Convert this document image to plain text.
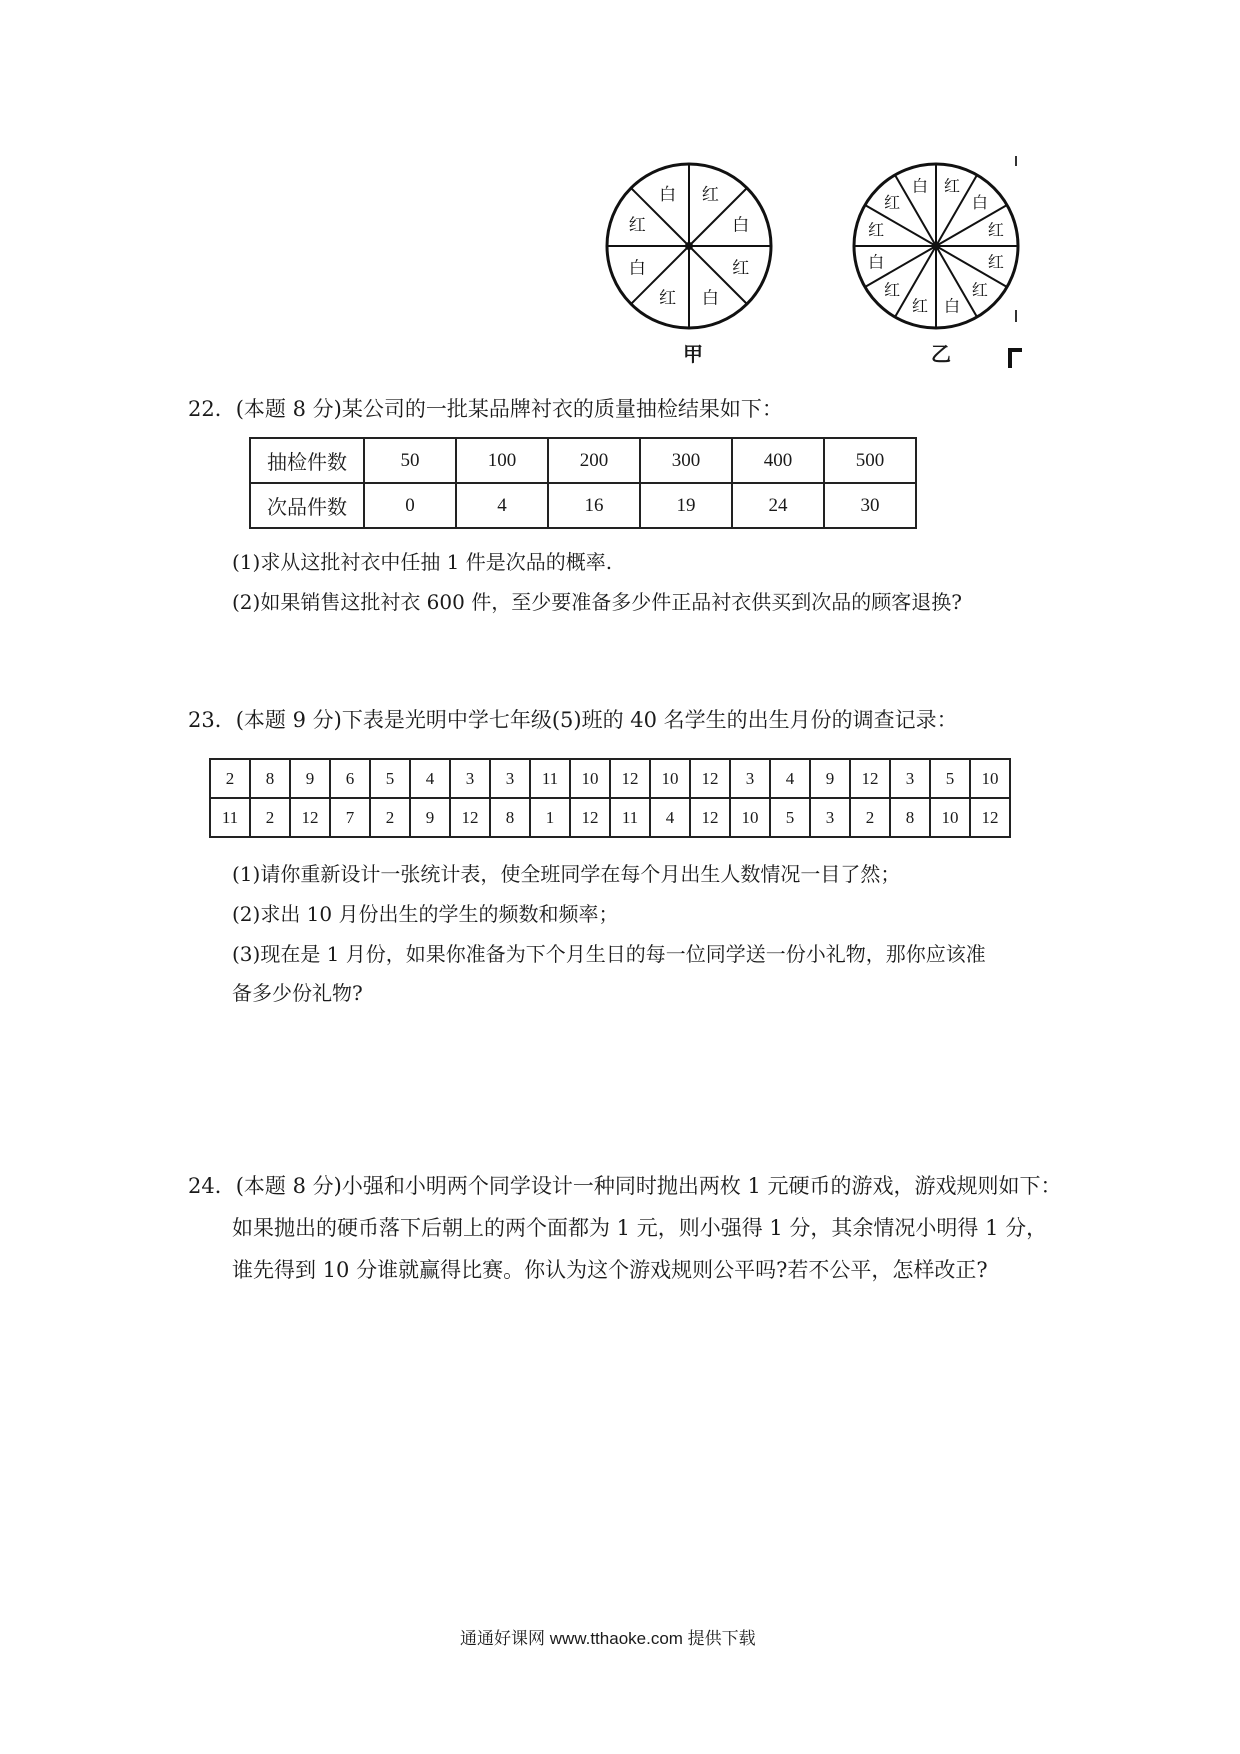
红
白
红
白
红
白
红
白	红
白
红
红
红
白
红
红
白
红
红
白
甲	乙
22．(本题 8 分)某公司的一批某品牌衬衣的质量抽检结果如下：
抽检件数	50	100	200	300	400	500
次品件数	0	4	16	19	24	30
(1)求从这批衬衣中任抽 1 件是次品的概率.
(2)如果销售这批衬衣 600 件，至少要准备多少件正品衬衣供买到次品的顾客退换?
23．(本题 9 分)下表是光明中学七年级(5)班的 40 名学生的出生月份的调查记录：
2	8	9	6	5	4	3	3	11	10	12	10	12	3	4	9	12	3	5	10
11	2	12	7	2	9	12	8	1	12	11	4	12	10	5	3	2	8	10	12
(1)请你重新设计一张统计表，使全班同学在每个月出生人数情况一目了然；
(2)求出 10 月份出生的学生的频数和频率；
(3)现在是 1 月份，如果你准备为下个月生日的每一位同学送一份小礼物，那你应该准
备多少份礼物?
24．(本题 8 分)小强和小明两个同学设计一种同时抛出两枚 1 元硬币的游戏，游戏规则如下：
如果抛出的硬币落下后朝上的两个面都为 1 元，则小强得 1 分，其余情况小明得 1 分，
谁先得到 10 分谁就赢得比赛。你认为这个游戏规则公平吗?若不公平，怎样改正?
通通好课网 www.tthaoke.com 提供下载
